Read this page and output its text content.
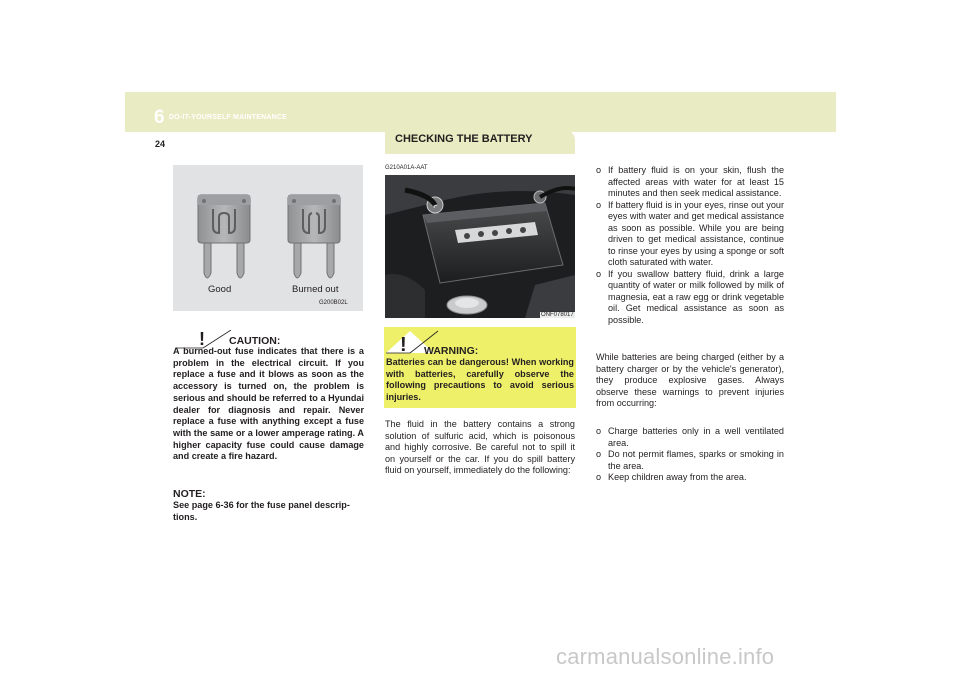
6 DO-IT-YOURSELF MAINTENANCE
24	CHECKING THE BATTERY
Good	Burned out
G200B02L
! CAUTION:
A burned-out fuse indicates that there is a problem in the electrical circuit. If you replace a fuse and it blows as soon as the accessory is turned on, the problem is serious and should be referred to a Hyundai dealer for diagnosis and repair. Never replace a fuse with anything except a fuse with the same or a lower amperage rating. A higher capacity fuse could cause damage and create a fire hazard.
NOTE:
See page 6-36 for the fuse panel descrip-tions.
G210A01A-AAT
+
ONF078017
! WARNING:
Batteries can be dangerous! When working with batteries, carefully observe the following precautions to avoid serious injuries.
The fluid in the battery contains a strong solution of sulfuric acid, which is poisonous and highly corrosive. Be careful not to spill it on yourself or the car. If you do spill battery fluid on yourself, immediately do the following:

o If battery fluid is on your skin, flush the affected areas with water for at least 15 minutes and then seek medical assistance.

o If battery fluid is in your eyes, rinse out your eyes with water and get medical assistance as soon as possible. While you are being driven to get medical assistance, continue to rinse your eyes by using a sponge or soft cloth saturated with water.

o If you swallow battery fluid, drink a large quantity of water or milk followed by milk of magnesia, eat a raw egg or drink vegetable oil. Get medical assistance as soon as possible.

While batteries are being charged (either by a battery charger or by the vehicle's generator), they produce explosive gases. Always observe these warnings to prevent injuries from occurring:

o Charge batteries only in a well ventilated area.

o Do not permit flames, sparks or smoking in the area.

o Keep children away from the area.

carmanualsonline.info
